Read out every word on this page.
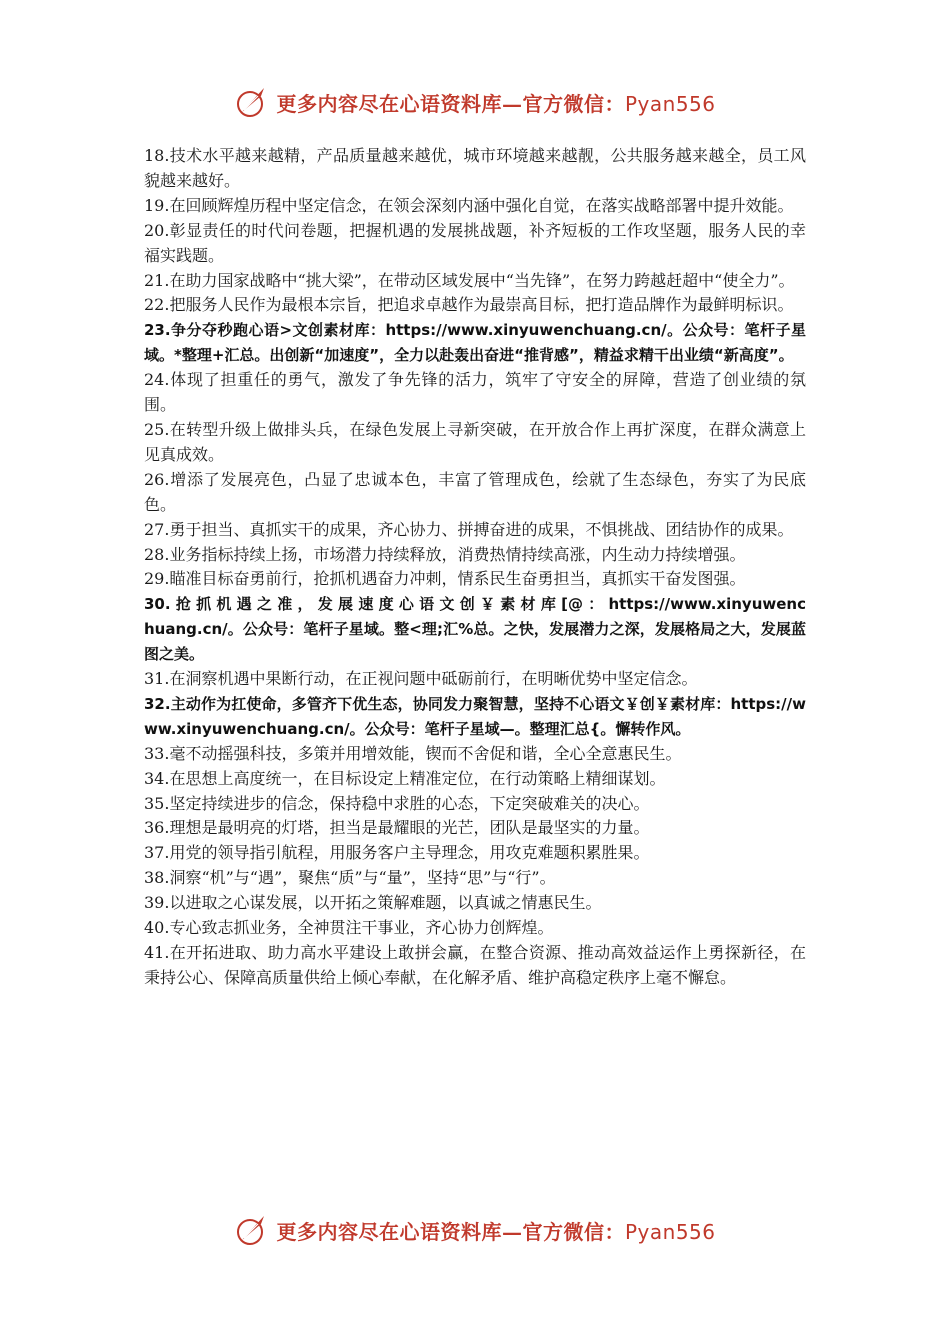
更多内容尽在心语资料库—官方微信：Pyan556

18.技术水平越来越精，产品质量越来越优，城市环境越来越靓，公共服务越来越全，员工风貌越来越好。

19.在回顾辉煌历程中坚定信念，在领会深刻内涵中强化自觉，在落实战略部署中提升效能。

20.彰显责任的时代问卷题，把握机遇的发展挑战题，补齐短板的工作攻坚题，服务人民的幸福实践题。

21.在助力国家战略中“挑大梁”，在带动区域发展中“当先锋”，在努力跨越赶超中“使全力”。

22.把服务人民作为最根本宗旨，把追求卓越作为最崇高目标，把打造品牌作为最鲜明标识。

23.争分夺秒跑心语>文创素材库：https://www.xinyuwenchuang.cn/。公众号：笔杆子星域。*整理+汇总。出创新“加速度”，全力以赴轰出奋进“推背感”，精益求精干出业绩“新高度”。

24.体现了担重任的勇气，激发了争先锋的活力，筑牢了守安全的屏障，营造了创业绩的氛围。

25.在转型升级上做排头兵，在绿色发展上寻新突破，在开放合作上再扩深度，在群众满意上见真成效。

26.增添了发展亮色，凸显了忠诚本色，丰富了管理成色，绘就了生态绿色，夯实了为民底色。

27.勇于担当、真抓实干的成果，齐心协力、拼搏奋进的成果，不惧挑战、团结协作的成果。

28.业务指标持续上扬，市场潜力持续释放，消费热情持续高涨，内生动力持续增强。

29.瞄准目标奋勇前行，抢抓机遇奋力冲刺，情系民生奋勇担当，真抓实干奋发图强。

30. 抢 抓 机 遇 之 准 ， 发 展 速 度 心 语 文 创 ￥ 素 材 库 [@ ： https://www.xinyuwenchuang.cn/。公众号：笔杆子星域。整<理;汇%总。之快，发展潜力之深，发展格局之大，发展蓝图之美。

31.在洞察机遇中果断行动，在正视问题中砥砺前行，在明晰优势中坚定信念。

32.主动作为扛使命，多管齐下优生态，协同发力聚智慧，坚持不心语文￥创￥素材库：https://www.xinyuwenchuang.cn/。公众号：笔杆子星域—。整理汇总{。懈转作风。

33.毫不动摇强科技，多策并用增效能，锲而不舍促和谐，全心全意惠民生。

34.在思想上高度统一，在目标设定上精准定位，在行动策略上精细谋划。

35.坚定持续进步的信念，保持稳中求胜的心态，下定突破难关的决心。

36.理想是最明亮的灯塔，担当是最耀眼的光芒，团队是最坚实的力量。

37.用党的领导指引航程，用服务客户主导理念，用攻克难题积累胜果。

38.洞察“机”与“遇”，聚焦“质”与“量”，坚持“思”与“行”。

39.以进取之心谋发展，以开拓之策解难题，以真诚之情惠民生。

40.专心致志抓业务，全神贯注干事业，齐心协力创辉煌。

41.在开拓进取、助力高水平建设上敢拼会赢，在整合资源、推动高效益运作上勇探新径，在秉持公心、保障高质量供给上倾心奉献，在化解矛盾、维护高稳定秩序上毫不懈怠。

更多内容尽在心语资料库—官方微信：Pyan556
